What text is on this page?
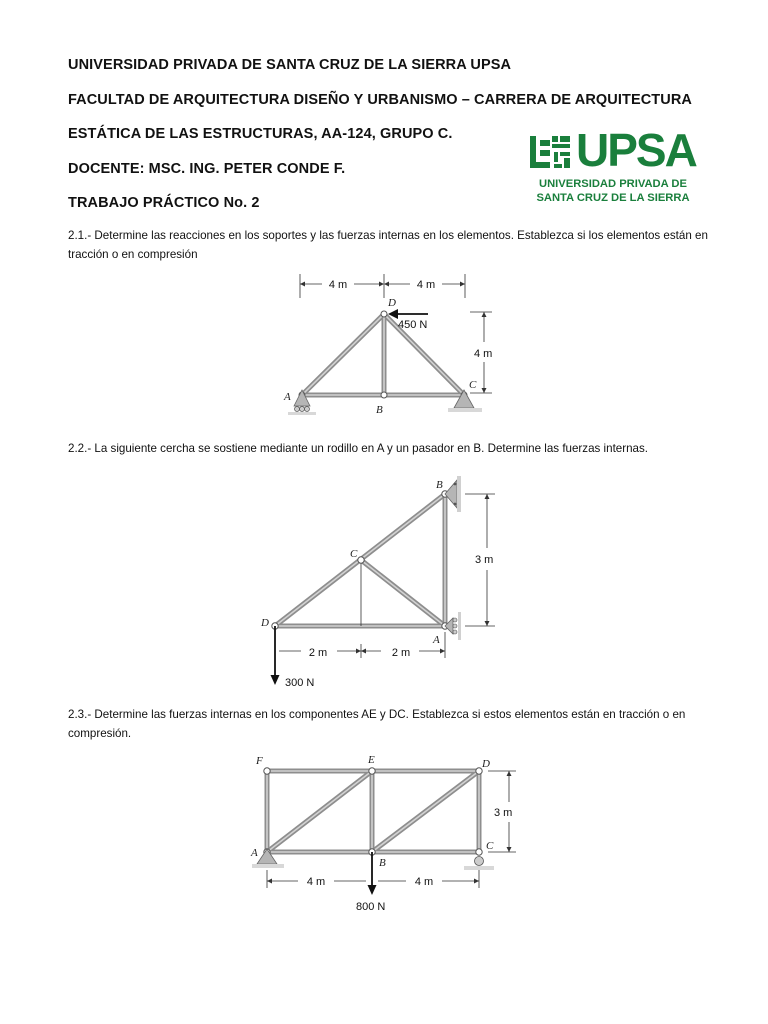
UNIVERSIDAD PRIVADA DE SANTA CRUZ DE LA SIERRA UPSA
FACULTAD DE ARQUITECTURA DISEÑO Y URBANISMO – CARRERA DE ARQUITECTURA
ESTÁTICA DE LAS ESTRUCTURAS, AA-124, GRUPO C.
DOCENTE: MSC. ING. PETER CONDE F.
TRABAJO PRÁCTICO No. 2
UPSA
UNIVERSIDAD PRIVADA DE
SANTA CRUZ DE LA SIERRA
2.1.- Determine las reacciones en los soportes y las fuerzas internas en los elementos. Establezca si los elementos están en tracción o en compresión
4 m	4 m
4 m
450 N
D
A
B
C
2.2.- La siguiente cercha se sostiene mediante un rodillo en A y un pasador en B. Determine las fuerzas internas.
3 m
2 m	2 m
300 N
B
C
D
A
2.3.- Determine las fuerzas internas en los componentes AE y DC. Establezca si estos elementos están en tracción o en compresión.
3 m
4 m	4 m
800 N
F	E	D
A
B
C
